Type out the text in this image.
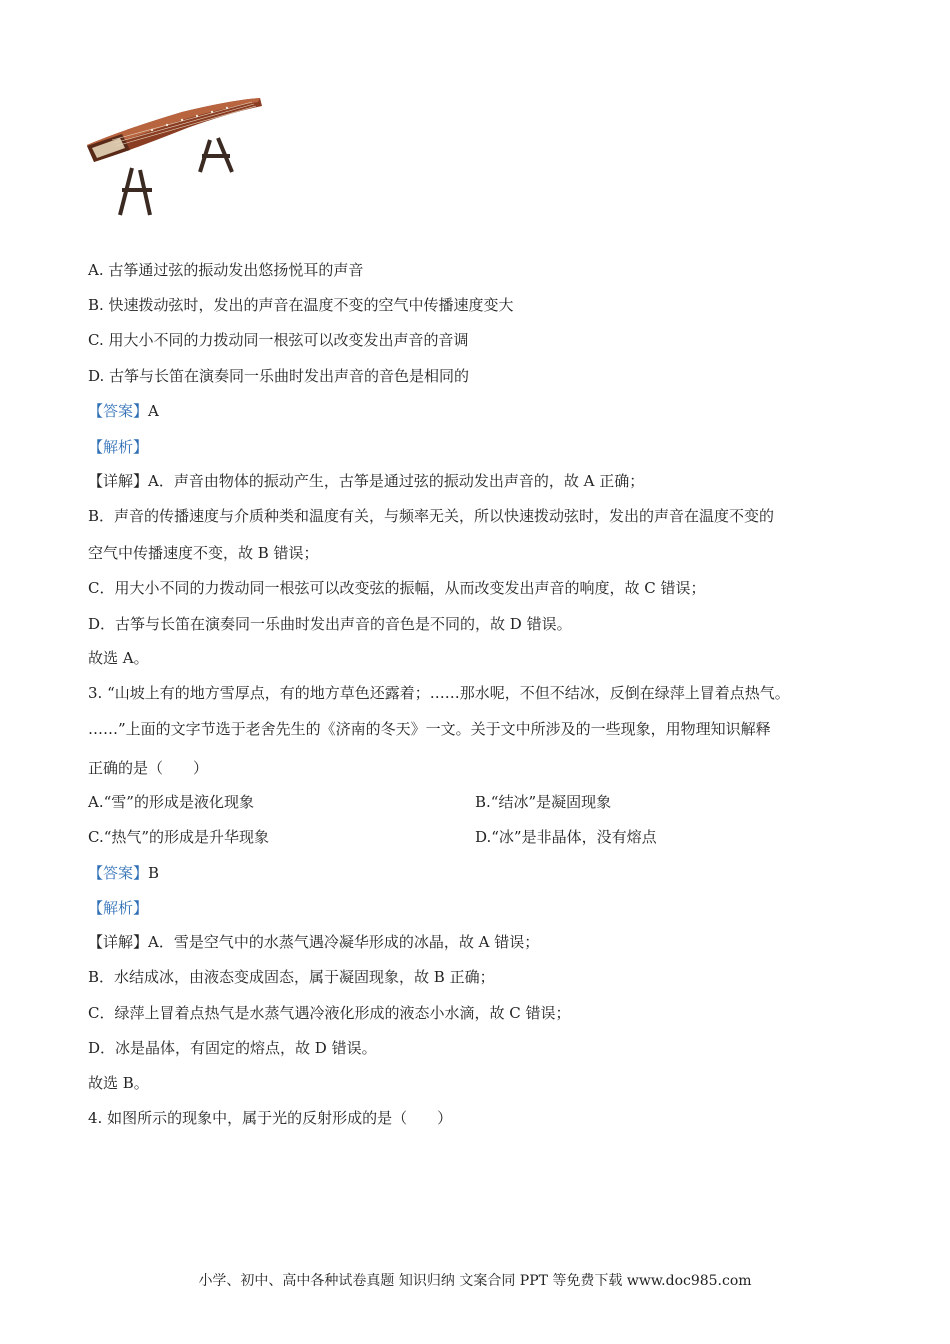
A. 古筝通过弦的振动发出悠扬悦耳的声音
B. 快速拨动弦时，发出的声音在温度不变的空气中传播速度变大
C. 用大小不同的力拨动同一根弦可以改变发出声音的音调
D. 古筝与长笛在演奏同一乐曲时发出声音的音色是相同的
【答案】A
【解析】
【详解】A．声音由物体的振动产生，古筝是通过弦的振动发出声音的，故 A 正确；
B．声音的传播速度与介质种类和温度有关，与频率无关，所以快速拨动弦时，发出的声音在温度不变的
空气中传播速度不变，故 B 错误；
C．用大小不同的力拨动同一根弦可以改变弦的振幅，从而改变发出声音的响度，故 C 错误；
D．古筝与长笛在演奏同一乐曲时发出声音的音色是不同的，故 D 错误。
故选 A。
3. “山坡上有的地方雪厚点，有的地方草色还露着；……那水呢，不但不结冰，反倒在绿萍上冒着点热气。
……”上面的文字节选于老舍先生的《济南的冬天》一文。关于文中所涉及的一些现象，用物理知识解释
正确的是（　　）
A.“雪”的形成是液化现象	B.“结冰”是凝固现象
C.“热气”的形成是升华现象	D.“冰”是非晶体，没有熔点
【答案】B
【解析】
【详解】A．雪是空气中的水蒸气遇冷凝华形成的冰晶，故 A 错误；
B．水结成冰，由液态变成固态，属于凝固现象，故 B 正确；
C．绿萍上冒着点热气是水蒸气遇冷液化形成的液态小水滴，故 C 错误；
D．冰是晶体，有固定的熔点，故 D 错误。
故选 B。
4. 如图所示的现象中，属于光的反射形成的是（　　）
小学、初中、高中各种试卷真题 知识归纳 文案合同 PPT 等免费下载 www.doc985.com
